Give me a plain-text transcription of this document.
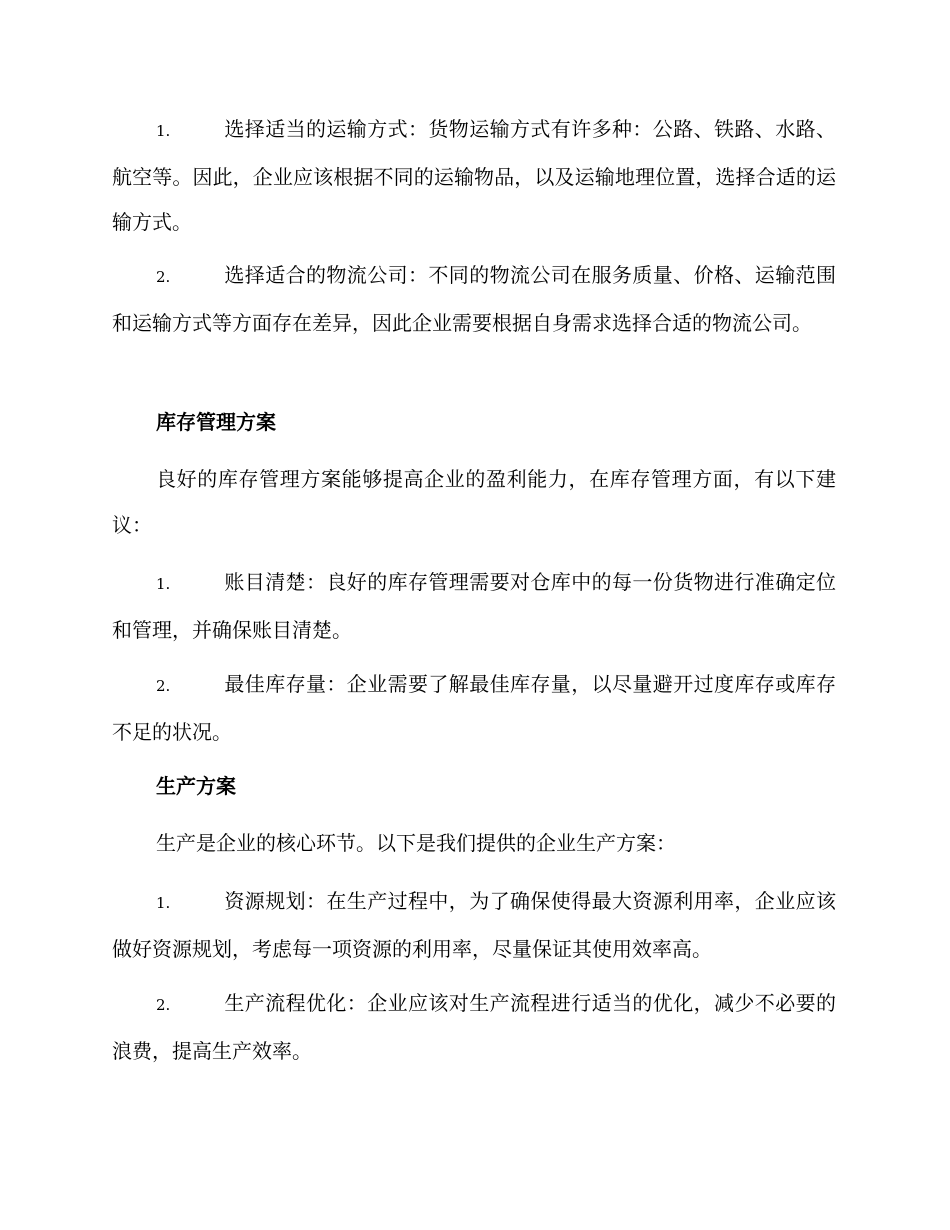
1.	选择适当的运输方式：货物运输方式有许多种：公路、铁路、水路、航空等。因此，企业应该根据不同的运输物品，以及运输地理位置，选择合适的运输方式。
2.	选择适合的物流公司：不同的物流公司在服务质量、价格、运输范围和运输方式等方面存在差异，因此企业需要根据自身需求选择合适的物流公司。
库存管理方案
良好的库存管理方案能够提高企业的盈利能力，在库存管理方面，有以下建议：
1.	账目清楚：良好的库存管理需要对仓库中的每一份货物进行准确定位和管理，并确保账目清楚。
2.	最佳库存量：企业需要了解最佳库存量，以尽量避开过度库存或库存不足的状况。
生产方案
生产是企业的核心环节。以下是我们提供的企业生产方案：
1.	资源规划：在生产过程中，为了确保使得最大资源利用率，企业应该做好资源规划，考虑每一项资源的利用率，尽量保证其使用效率高。
2.	生产流程优化：企业应该对生产流程进行适当的优化，减少不必要的浪费，提高生产效率。
